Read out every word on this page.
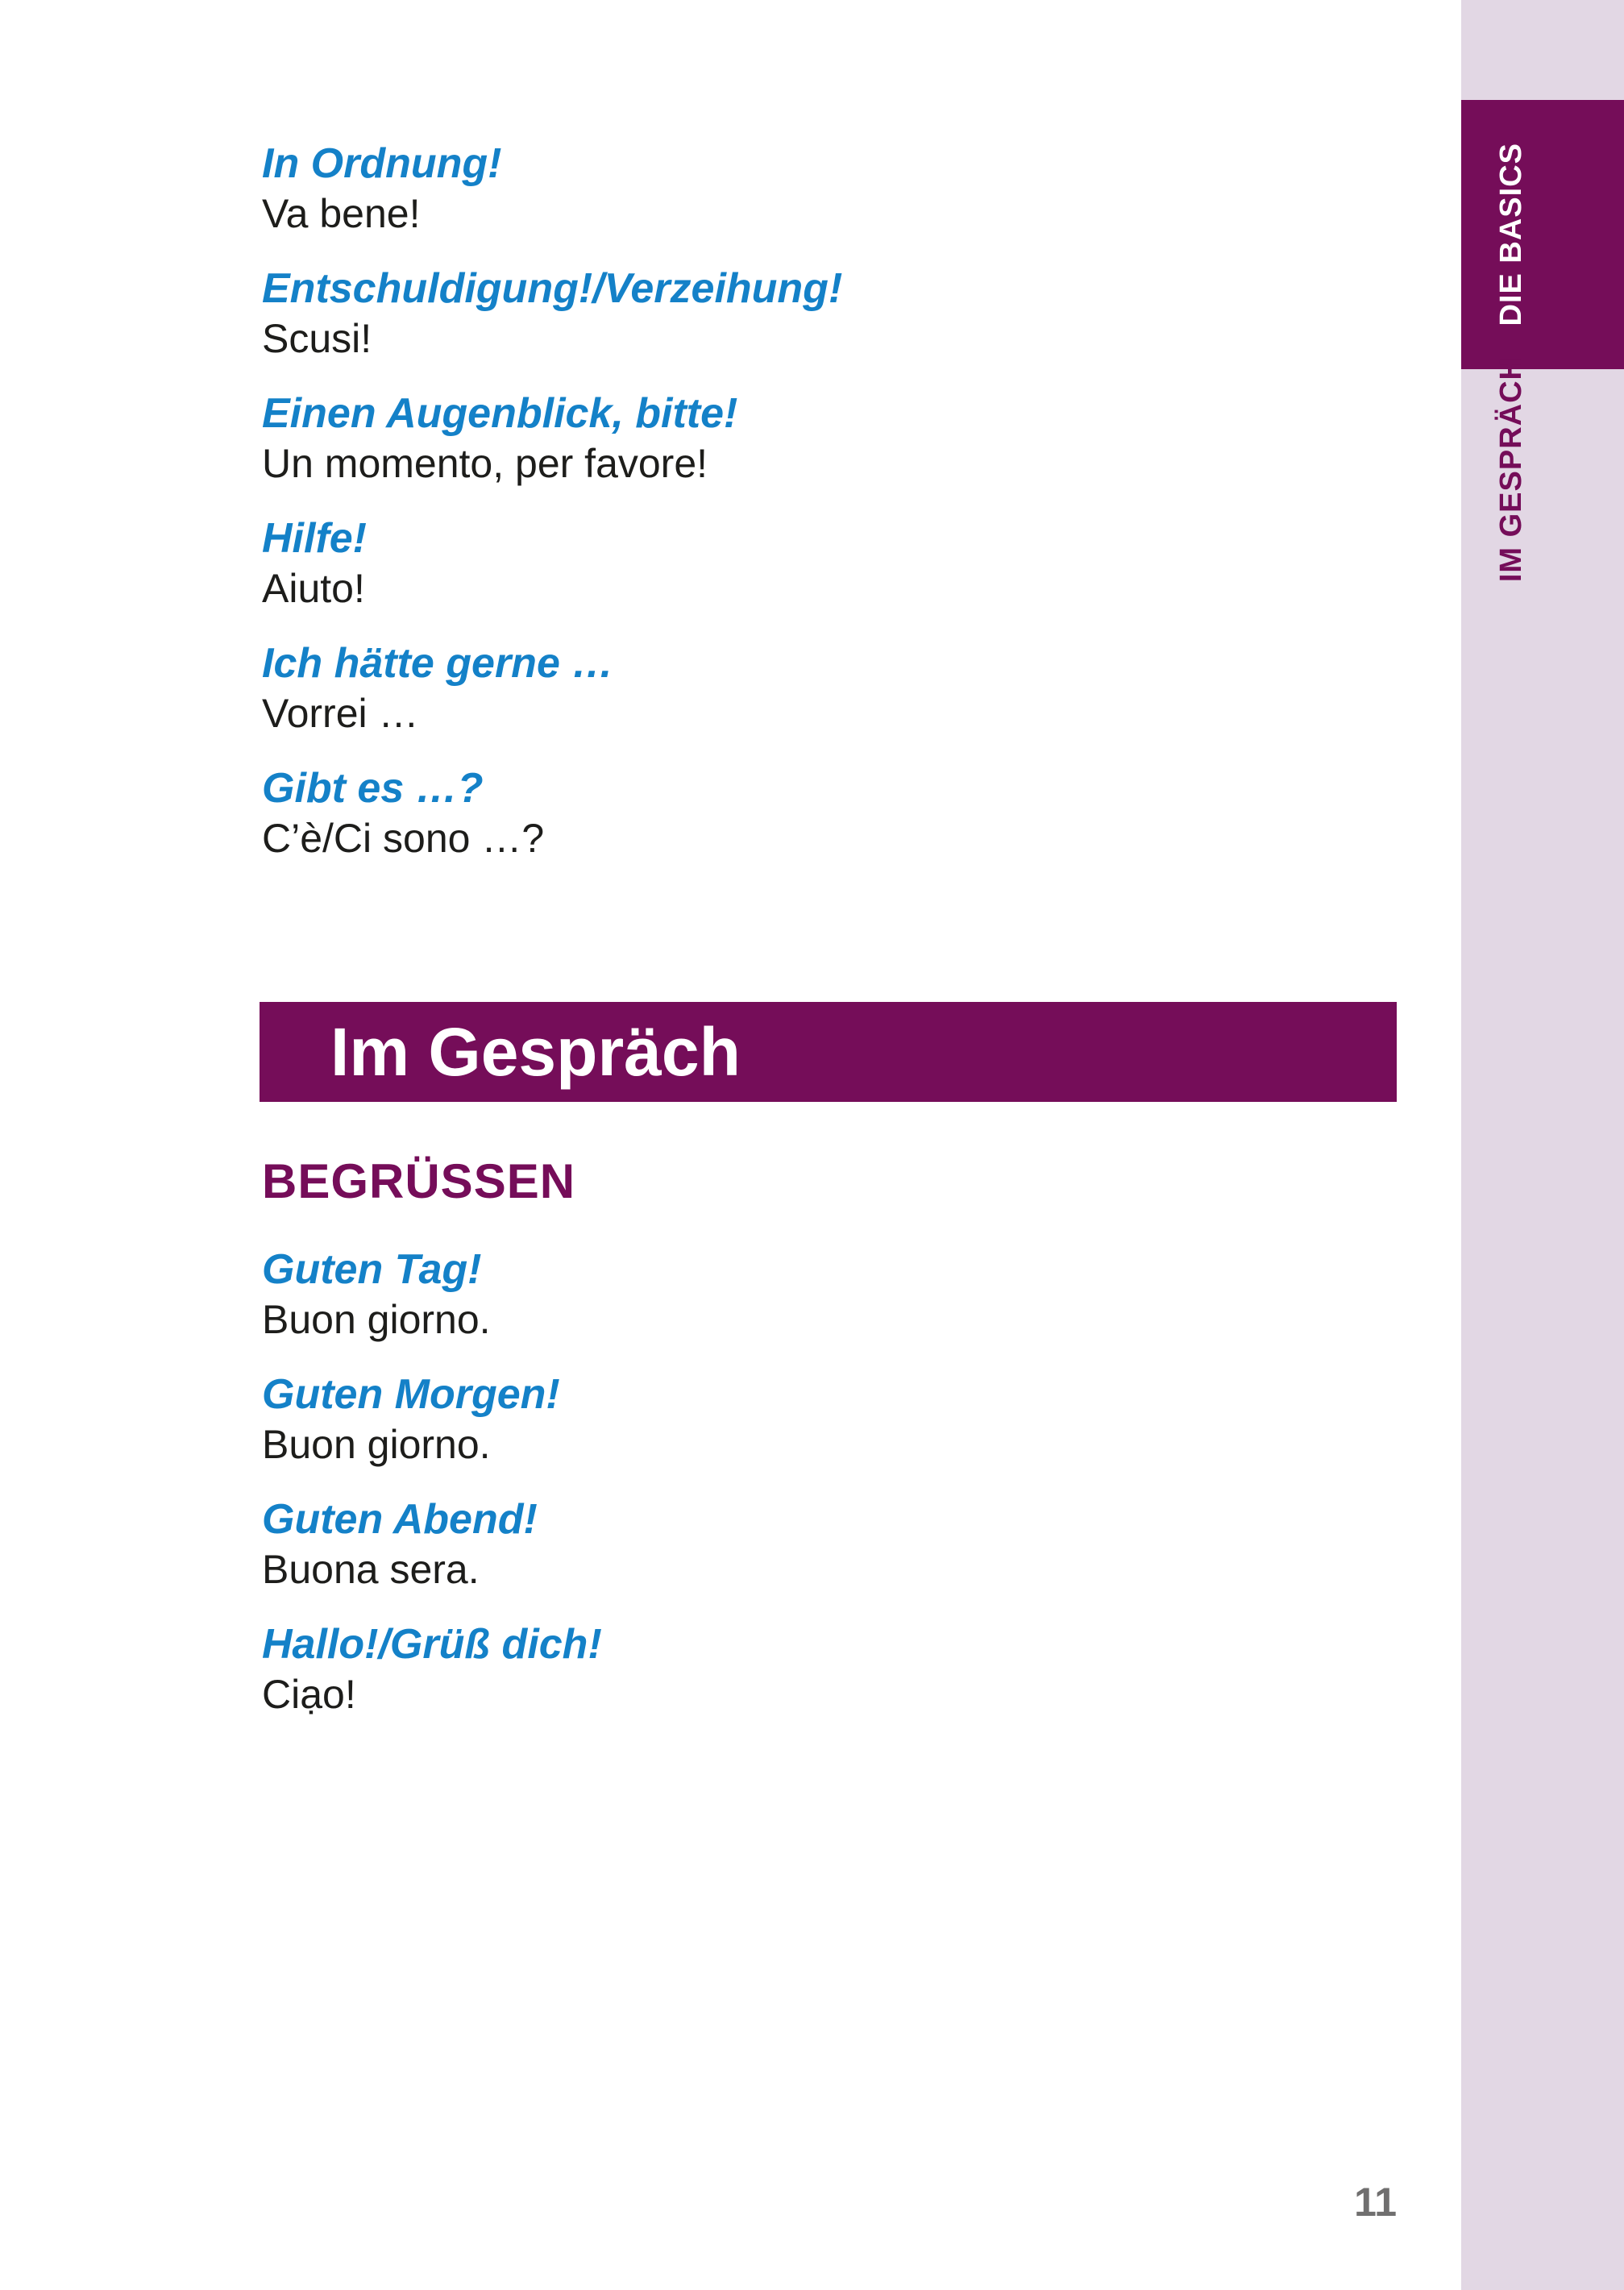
DIE BASICS
IM GESPRÄCH
In Ordnung!
Va bene!
Entschuldigung!/Verzeihung!
Scusi!
Einen Augenblick, bitte!
Un momento, per favore!
Hilfe!
Aiuto!
Ich hätte gerne …
Vorrei …
Gibt es …?
C’è/Ci sono …?
Im Gespräch
BEGRÜSSEN
Guten Tag!
Buon giorno.
Guten Morgen!
Buon giorno.
Guten Abend!
Buona sera.
Hallo!/Grüß dich!
Ciạo!
11
